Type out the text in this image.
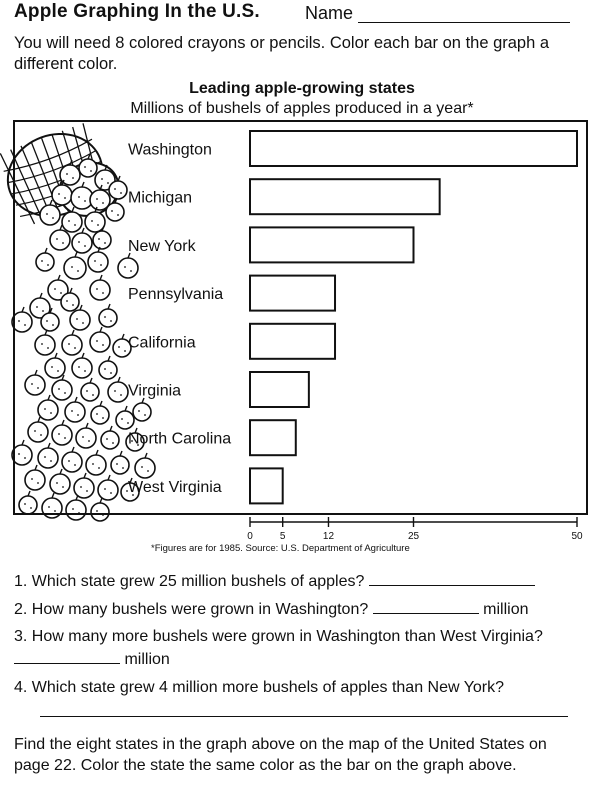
Apple Graphing In the U.S.	Name
You will need 8 colored crayons or pencils. Color each bar on the graph a different color.
Leading apple-growing states
Millions of bushels of apples produced in a year*
Washington
Michigan
New York
Pennsylvania
California
Virginia
North Carolina
West Virginia
0	5	12	25	50
*Figures are for 1985. Source: U.S. Department of Agriculture
1. Which state grew 25 million bushels of apples?
2. How many bushels were grown in Washington?	million
3. How many more bushels were grown in Washington than West Virginia?  million
4. Which state grew 4 million more bushels of apples than New York?
Find the eight states in the graph above on the map of the United States on page 22. Color the state the same color as the bar on the graph above.
